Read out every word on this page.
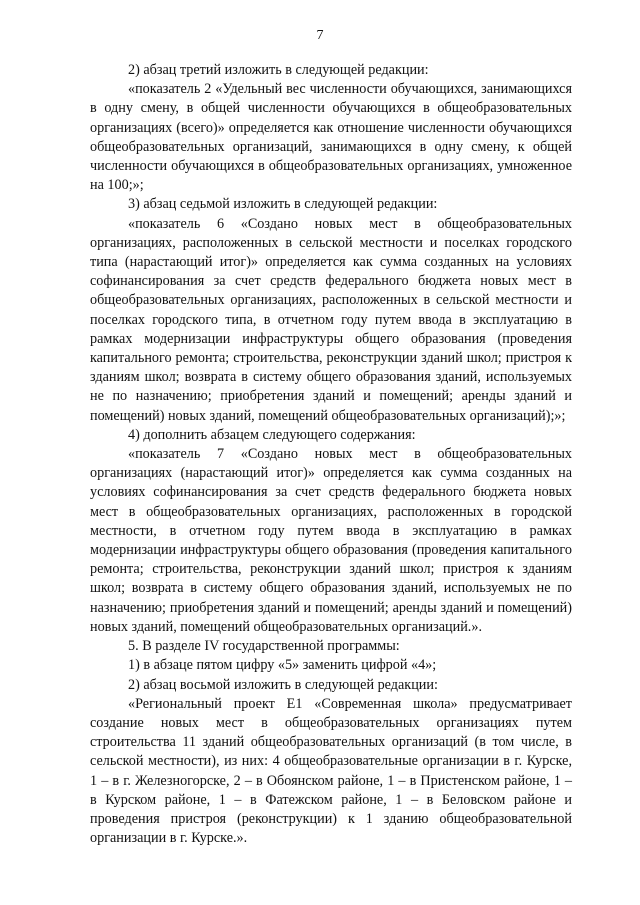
7

2) абзац третий изложить в следующей редакции:

«показатель 2 «Удельный вес численности обучающихся, занимающихся в одну смену, в общей численности обучающихся в общеобразовательных организациях (всего)» определяется как отношение численности обучающихся общеобразовательных организаций, занимающихся в одну смену, к общей численности обучающихся в общеобразовательных организациях, умноженное на 100;»;

3) абзац седьмой изложить в следующей редакции:

«показатель 6 «Создано новых мест в общеобразовательных организациях, расположенных в сельской местности и поселках городского типа (нарастающий итог)» определяется как сумма созданных на условиях софинансирования за счет средств федерального бюджета новых мест в общеобразовательных организациях, расположенных в сельской местности и поселках городского типа, в отчетном году путем ввода в эксплуатацию в рамках модернизации инфраструктуры общего образования (проведения капитального ремонта; строительства, реконструкции зданий школ; пристроя к зданиям школ; возврата в систему общего образования зданий, используемых не по назначению; приобретения зданий и помещений; аренды зданий и помещений) новых зданий, помещений общеобразовательных организаций);»;

4) дополнить абзацем следующего содержания:

«показатель 7 «Создано новых мест в общеобразовательных организациях (нарастающий итог)» определяется как сумма созданных на условиях софинансирования за счет средств федерального бюджета новых мест в общеобразовательных организациях, расположенных в городской местности, в отчетном году путем ввода в эксплуатацию в рамках модернизации инфраструктуры общего образования (проведения капитального ремонта; строительства, реконструкции зданий школ; пристроя к зданиям школ; возврата в систему общего образования зданий, используемых не по назначению; приобретения зданий и помещений; аренды зданий и помещений) новых зданий, помещений общеобразовательных организаций.».

5. В разделе IV государственной программы:

1) в абзаце пятом цифру «5» заменить цифрой «4»;

2) абзац восьмой изложить в следующей редакции:

«Региональный проект Е1 «Современная школа» предусматривает создание новых мест в общеобразовательных организациях путем строительства 11 зданий общеобразовательных организаций (в том числе, в сельской местности), из них: 4 общеобразовательные организации в г. Курске, 1 – в г. Железногорске, 2 – в Обоянском районе, 1 – в Пристенском районе, 1 – в Курском районе, 1 – в Фатежском районе, 1 – в Беловском районе и проведения пристроя (реконструкции) к 1 зданию общеобразовательной организации в г. Курске.».
